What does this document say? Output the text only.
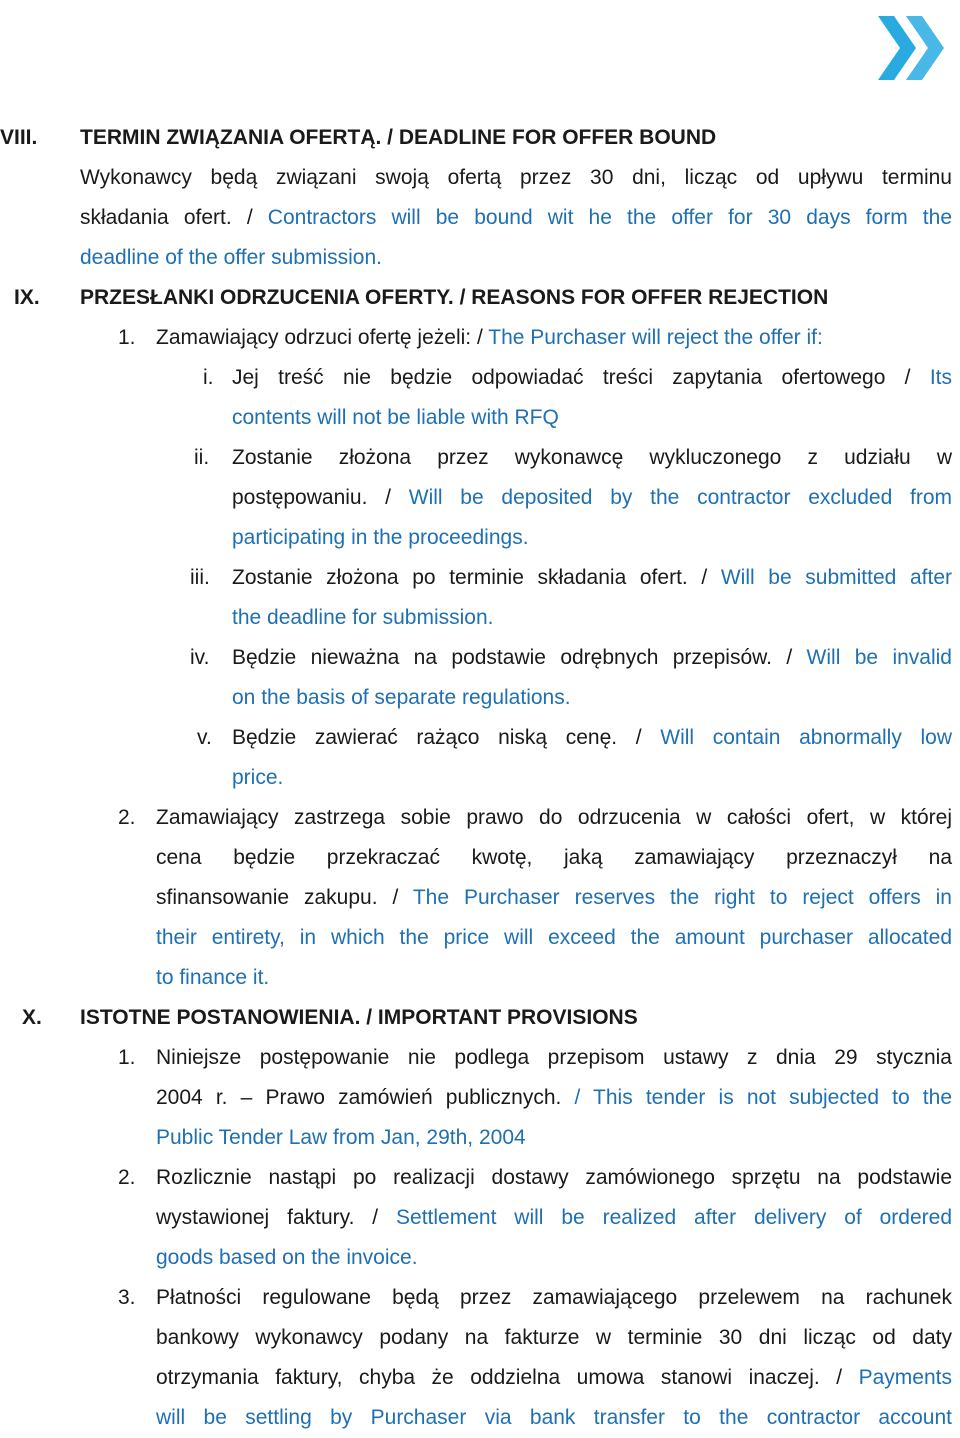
VIII. TERMIN ZWIĄZANIA OFERTĄ. / DEADLINE FOR OFFER BOUND
Wykonawcy będą związani swoją ofertą przez 30 dni, licząc od upływu terminu
składania ofert. / Contractors will be bound wit he the offer for 30 days form the
deadline of the offer submission.
IX. PRZESŁANKI ODRZUCENIA OFERTY. / REASONS FOR OFFER REJECTION
1. Zamawiający odrzuci ofertę jeżeli: / The Purchaser will reject the offer if:
i. Jej treść nie będzie odpowiadać treści zapytania ofertowego / Its
contents will not be liable with RFQ
ii. Zostanie złożona przez wykonawcę wykluczonego z udziału w
postępowaniu. / Will be deposited by the contractor excluded from
participating in the proceedings.
iii. Zostanie złożona po terminie składania ofert. / Will be submitted after
the deadline for submission.
iv. Będzie nieważna na podstawie odrębnych przepisów. / Will be invalid
on the basis of separate regulations.
v. Będzie zawierać rażąco niską cenę. / Will contain abnormally low
price.
2. Zamawiający zastrzega sobie prawo do odrzucenia w całości ofert, w której
cena będzie przekraczać kwotę, jaką zamawiający przeznaczył na
sfinansowanie zakupu. / The Purchaser reserves the right to reject offers in
their entirety, in which the price will exceed the amount purchaser allocated
to finance it.
X. ISTOTNE POSTANOWIENIA. / IMPORTANT PROVISIONS
1. Niniejsze postępowanie nie podlega przepisom ustawy z dnia 29 stycznia
2004 r. – Prawo zamówień publicznych. / This tender is not subjected to the
Public Tender Law from Jan, 29th, 2004
2. Rozlicznie nastąpi po realizacji dostawy zamówionego sprzętu na podstawie
wystawionej faktury. / Settlement will be realized after delivery of ordered
goods based on the invoice.
3. Płatności regulowane będą przez zamawiającego przelewem na rachunek
bankowy wykonawcy podany na fakturze w terminie 30 dni licząc od daty
otrzymania faktury, chyba że oddzielna umowa stanowi inaczej. / Payments
will be settling by Purchaser via bank transfer to the contractor account
